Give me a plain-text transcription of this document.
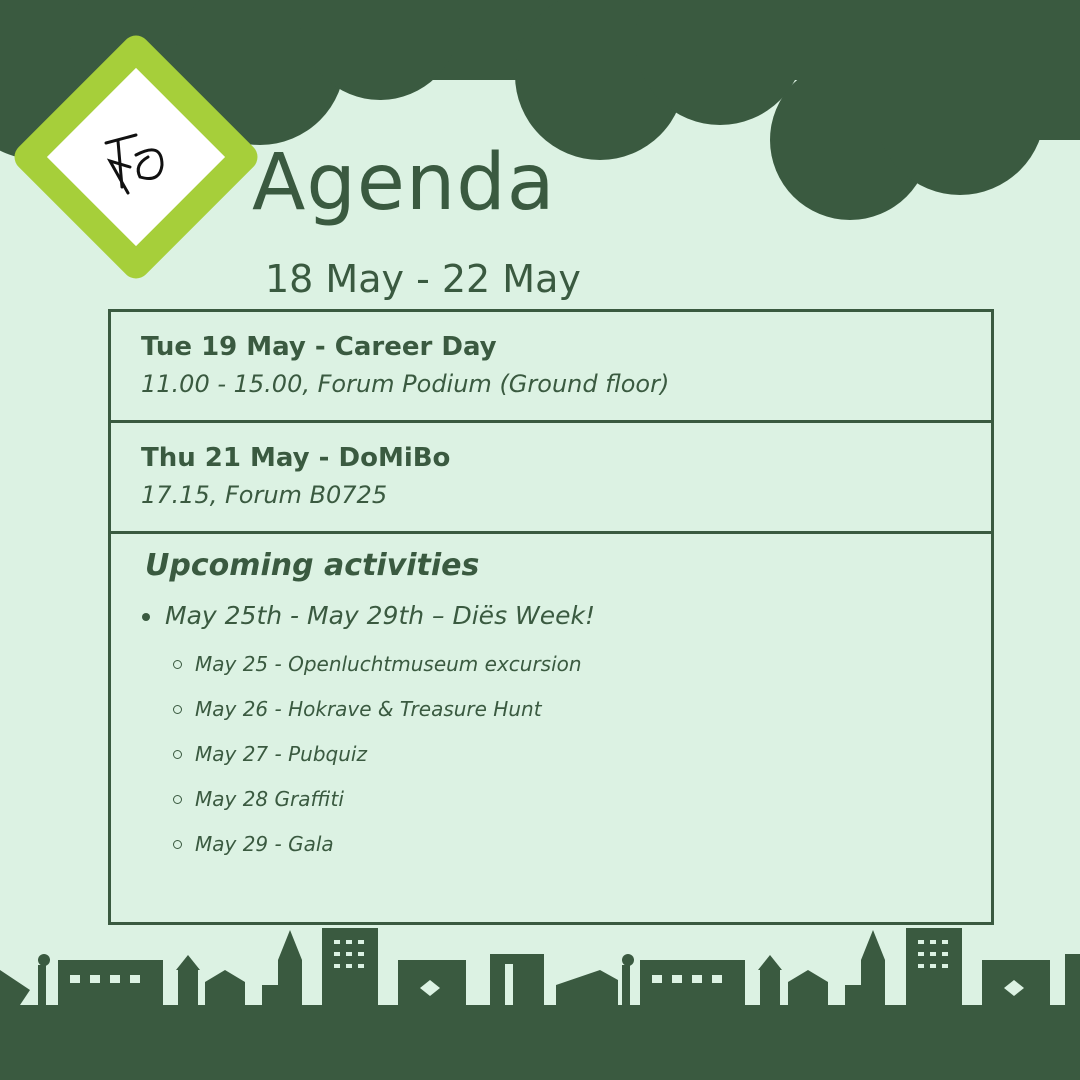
Agenda

18 May - 22 May

Tue 19 May - Career Day
11.00 - 15.00, Forum Podium (Ground floor)
Thu 21 May - DoMiBo
17.15, Forum B0725
Upcoming activities
May 25th - May 29th – Diës Week!
May 25 - Openluchtmuseum excursion
May 26 - Hokrave & Treasure Hunt
May 27 - Pubquiz
May 28 Graffiti
May 29 - Gala
